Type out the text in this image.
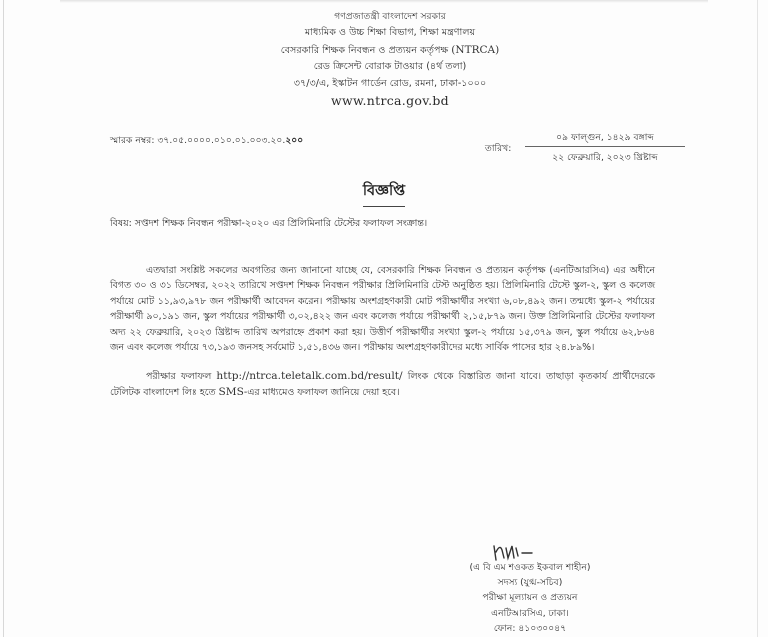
গণপ্রজাতন্ত্রী বাংলাদেশ সরকার
মাধ্যমিক ও উচ্চ শিক্ষা বিভাগ, শিক্ষা মন্ত্রণালয়
বেসরকারি শিক্ষক নিবন্ধন ও প্রত্যয়ন কর্তৃপক্ষ (NTRCA)
রেড ক্রিসেন্ট বোরাক টাওয়ার (৪র্থ তলা)
৩৭/৩/এ, ইস্কাটন গার্ডেন রোড, রমনা, ঢাকা-১০০০
www.ntrca.gov.bd
স্মারক নম্বর: ৩৭.০৫.০০০০.০১০.০১.০০৩.২০.২০০
তারিখ:
০৯ ফাল্গুন, ১৪২৯ বঙ্গাব্দ
২২ ফেব্রুয়ারি, ২০২৩ খ্রিষ্টাব্দ
বিজ্ঞপ্তি
বিষয়: সপ্তদশ শিক্ষক নিবন্ধন পরীক্ষা-২০২০ এর প্রিলিমিনারি টেস্টের ফলাফল সংক্রান্ত।

এতদ্বারা সংশ্লিষ্ট সকলের অবগতির জন্য জানানো যাচ্ছে যে, বেসরকারি শিক্ষক নিবন্ধন ও প্রত্যয়ন কর্তৃপক্ষ (এনটিআরসিএ) এর অধীনে বিগত ৩০ ও ৩১ ডিসেম্বর, ২০২২ তারিখে সপ্তদশ শিক্ষক নিবন্ধন পরীক্ষার প্রিলিমিনারি টেস্ট অনুষ্ঠিত হয়। প্রিলিমিনারি টেস্টে স্কুল-২, স্কুল ও কলেজ পর্যায়ে মোট ১১,৯৩,৯৭৮ জন পরীক্ষার্থী আবেদন করেন। পরীক্ষায় অংশগ্রহণকারী মোট পরীক্ষার্থীর সংখ্যা ৬,০৮,৪৯২ জন। তন্মধ্যে স্কুল-২ পর্যায়ের পরীক্ষার্থী ৯০,১৯১ জন, স্কুল পর্যায়ের পরীক্ষার্থী ৩,০২,৪২২ জন এবং কলেজ পর্যায়ে পরীক্ষার্থী ২,১৫,৮৭৯ জন। উক্ত প্রিলিমিনারি টেস্টের ফলাফল অদ্য ২২ ফেব্রুয়ারি, ২০২৩ খ্রিষ্টাব্দ তারিখ অপরাহ্নে প্রকাশ করা হয়। উত্তীর্ণ পরীক্ষার্থীর সংখ্যা স্কুল-২ পর্যায়ে ১৫,৩৭৯ জন, স্কুল পর্যায়ে ৬২,৮৬৪ জন এবং কলেজ পর্যায়ে ৭৩,১৯৩ জনসহ সর্বমোট ১,৫১,৪৩৬ জন। পরীক্ষায় অংশগ্রহণকারীদের মধ্যে সার্বিক পাসের হার ২৪.৮৯%।

পরীক্ষার ফলাফল http://ntrca.teletalk.com.bd/result/ লিংক থেকে বিস্তারিত জানা যাবে। তাছাড়া কৃতকার্য প্রার্থীদেরকে টেলিটক বাংলাদেশ লিঃ হতে SMS-এর মাধ্যমেও ফলাফল জানিয়ে দেয়া হবে।

(এ বি এম শওকত ইকবাল শাহীন)
সদস্য (যুগ্ম-সচিব)
পরীক্ষা মূল্যায়ন ও প্রত্যয়ন
এনটিআরসিএ, ঢাকা।
ফোন: ৪১০৩০০৪৭
